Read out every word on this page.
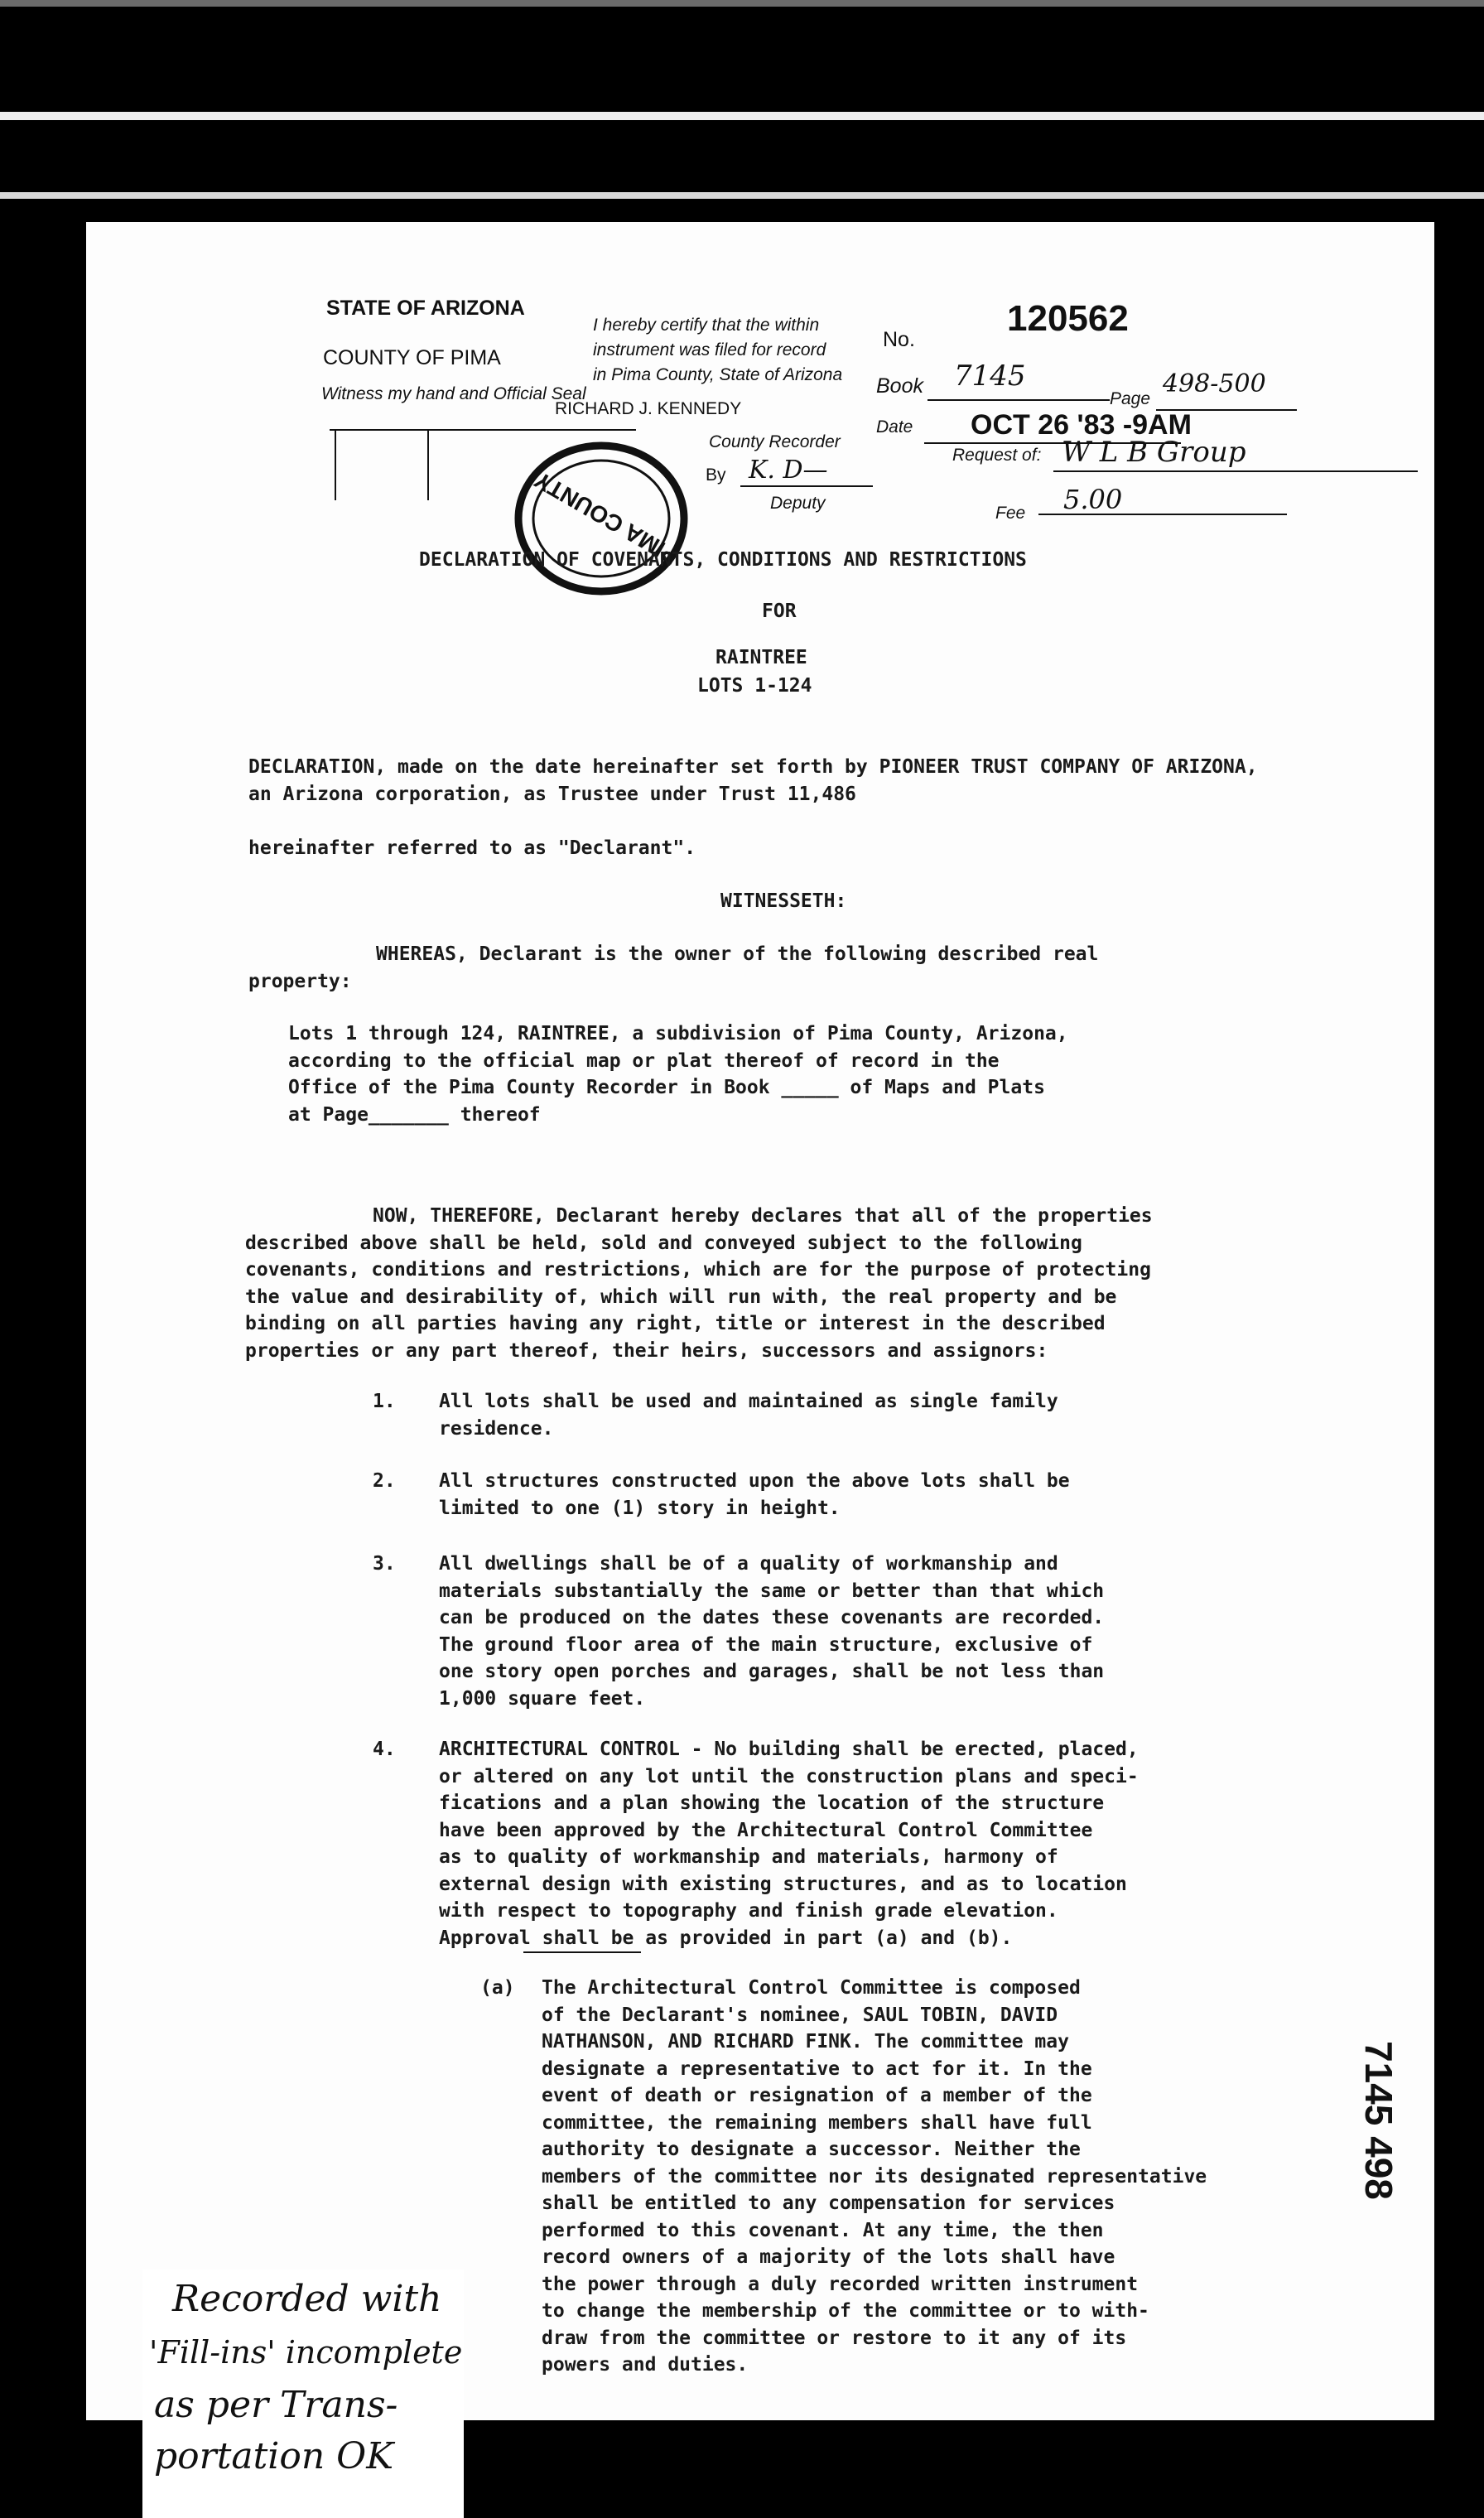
STATE OF ARIZONA
COUNTY OF PIMA
Witness my hand and Official Seal
RICHARD J. KENNEDY
County Recorder
By K. D—
Deputy
I hereby certify that the within
instrument was filed for record
in Pima County, State of Arizona
PIMA COUNTY
No.
120562
Book 7145
Page
498-500
Date OCT 26 '83 -9AM
Request of: W L B Group
Fee 5.00
DECLARATION OF COVENANTS, CONDITIONS AND RESTRICTIONS
FOR
RAINTREE
LOTS 1-124
DECLARATION, made on the date hereinafter set forth by PIONEER TRUST COMPANY OF ARIZONA,
an Arizona corporation, as Trustee under Trust 11,486
hereinafter referred to as "Declarant".
WITNESSETH:
WHEREAS, Declarant is the owner of the following described real
property:
Lots 1 through 124, RAINTREE, a subdivision of Pima County, Arizona,
according to the official map or plat thereof of record in the
Office of the Pima County Recorder in Book _____ of Maps and Plats
at Page_______ thereof
NOW, THEREFORE, Declarant hereby declares that all of the properties
described above shall be held, sold and conveyed subject to the following
covenants, conditions and restrictions, which are for the purpose of protecting
the value and desirability of, which will run with, the real property and be
binding on all parties having any right, title or interest in the described
properties or any part thereof, their heirs, successors and assignors:
1. All lots shall be used and maintained as single family
residence.
2. All structures constructed upon the above lots shall be
limited to one (1) story in height.
3. All dwellings shall be of a quality of workmanship and
materials substantially the same or better than that which
can be produced on the dates these covenants are recorded.
The ground floor area of the main structure, exclusive of
one story open porches and garages, shall be not less than
1,000 square feet.
4. ARCHITECTURAL CONTROL - No building shall be erected, placed,
or altered on any lot until the construction plans and speci-
fications and a plan showing the location of the structure
have been approved by the Architectural Control Committee
as to quality of workmanship and materials, harmony of
external design with existing structures, and as to location
with respect to topography and finish grade elevation.
Approval shall be as provided in part (a) and (b).
(a) The Architectural Control Committee is composed
of the Declarant's nominee, SAUL TOBIN, DAVID
NATHANSON, AND RICHARD FINK. The committee may
designate a representative to act for it. In the
event of death or resignation of a member of the
committee, the remaining members shall have full
authority to designate a successor. Neither the
members of the committee nor its designated representative
shall be entitled to any compensation for services
performed to this covenant. At any time, the then
record owners of a majority of the lots shall have
the power through a duly recorded written instrument
to change the membership of the committee or to with-
draw from the committee or restore to it any of its
powers and duties.
7145 498
Recorded with
'Fill-ins' incomplete
as per Trans-
portation OK
